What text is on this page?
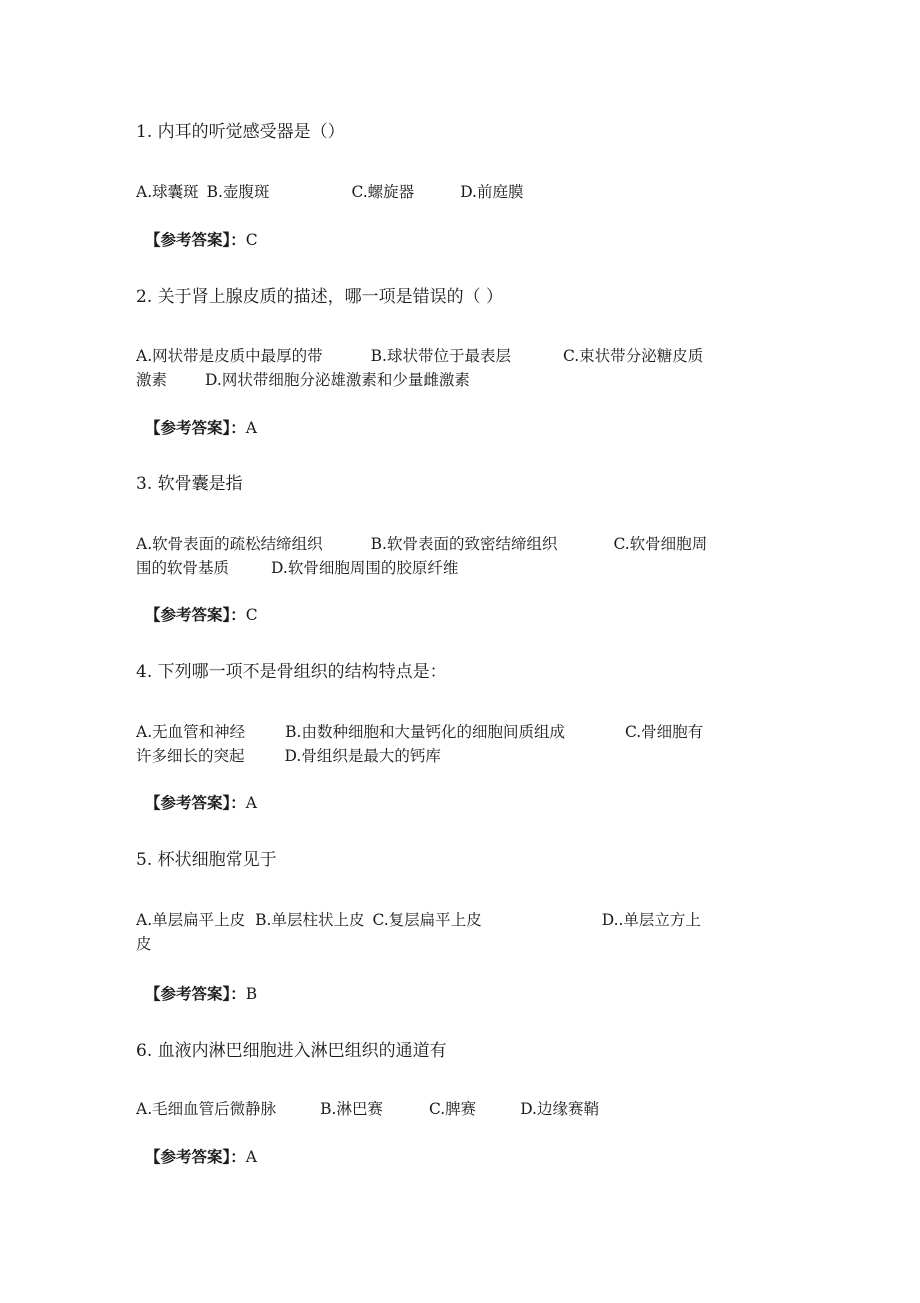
1. 内耳的听觉感受器是（）
A.球囊斑 B.壶腹斑	C.螺旋器	D.前庭膜
【参考答案】：C
2. 关于肾上腺皮质的描述，哪一项是错误的（ ）
A.网状带是皮质中最厚的带	B.球状带位于最表层	C.束状带分泌糖皮质
激素 D.网状带细胞分泌雄激素和少量雌激素
【参考答案】：A
3. 软骨囊是指
A.软骨表面的疏松结缔组织	B.软骨表面的致密结缔组织	C.软骨细胞周
围的软骨基质	D.软骨细胞周围的胶原纤维
【参考答案】：C
4. 下列哪一项不是骨组织的结构特点是：
A.无血管和神经	B.由数种细胞和大量钙化的细胞间质组成	C.骨细胞有
许多细长的突起	D.骨组织是最大的钙库
【参考答案】：A
5. 杯状细胞常见于
A.单层扁平上皮 B.单层柱状上皮 C.复层扁平上皮	D..单层立方上
皮
【参考答案】：B
6. 血液内淋巴细胞进入淋巴组织的通道有
A.毛细血管后微静脉	B.淋巴赛	C.脾赛	D.边缘赛鞘
【参考答案】：A
